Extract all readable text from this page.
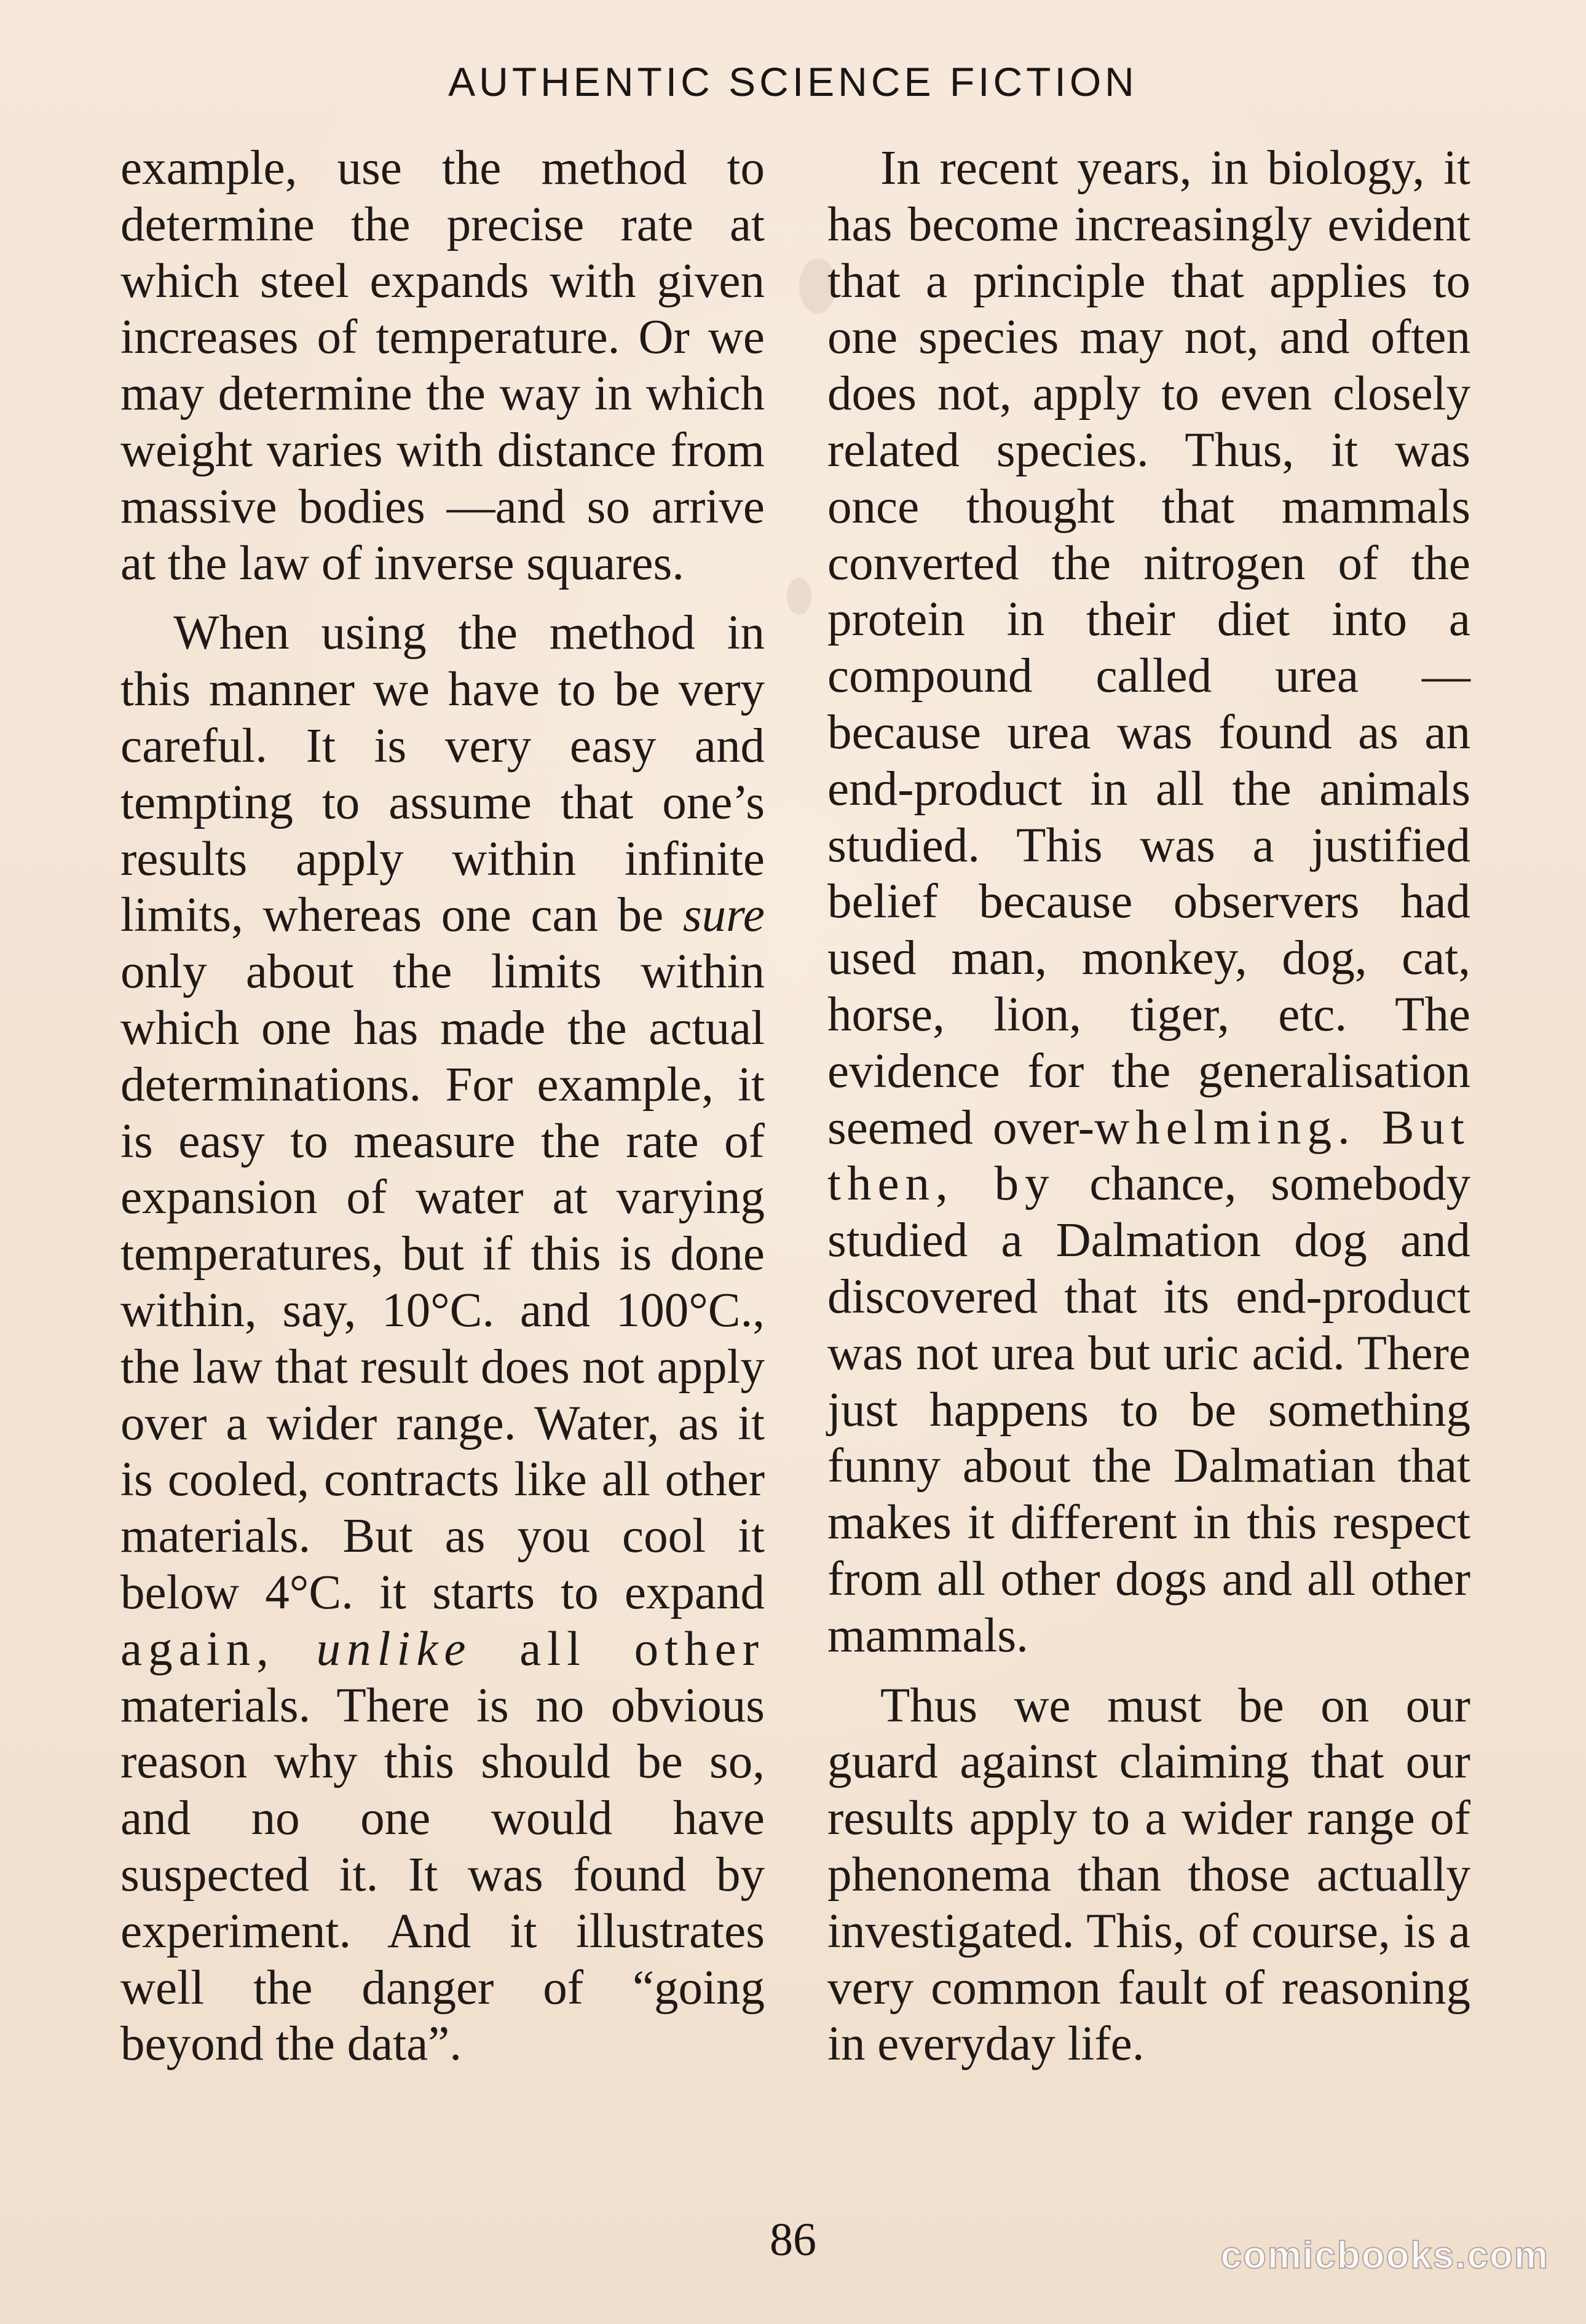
AUTHENTIC SCIENCE FICTION

example, use the method to determine the precise rate at which steel expands with given increases of temperature. Or we may determine the way in which weight varies with distance from massive bodies —and so arrive at the law of inverse squares.

When using the method in this manner we have to be very careful. It is very easy and tempting to assume that one’s results apply within infinite limits, whereas one can be sure only about the limits within which one has made the actual determinations. For example, it is easy to measure the rate of expansion of water at varying temperatures, but if this is done within, say, 10°C. and 100°C., the law that result does not apply over a wider range. Water, as it is cooled, contracts like all other materials. But as you cool it below 4°C. it starts to expand again, unlike all other materials. There is no obvious reason why this should be so, and no one would have suspected it. It was found by experiment. And it illustrates well the danger of “going beyond the data”.

In recent years, in biology, it has become increasingly evident that a principle that applies to one species may not, and often does not, apply to even closely related species. Thus, it was once thought that mammals converted the nitrogen of the protein in their diet into a compound called urea —because urea was found as an end-product in all the animals studied. This was a justified belief because observers had used man, monkey, dog, cat, horse, lion, tiger, etc. The evidence for the generalisation seemed over-whelming. But then, by chance, somebody studied a Dalmation dog and discovered that its end-product was not urea but uric acid. There just happens to be something funny about the Dalmatian that makes it different in this respect from all other dogs and all other mammals.

Thus we must be on our guard against claiming that our results apply to a wider range of phenonema than those actually investigated. This, of course, is a very common fault of reasoning in everyday life.

86	comicbooks.com
